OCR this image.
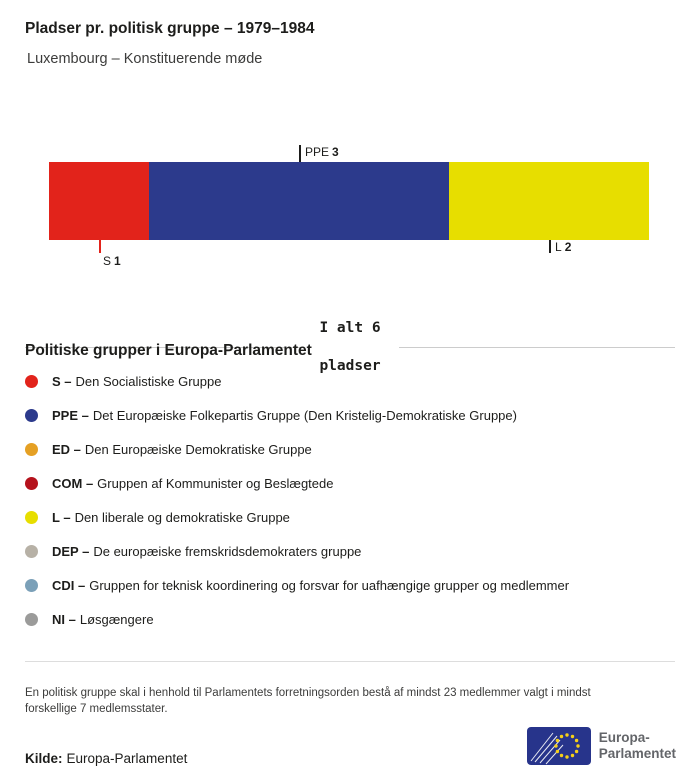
Pladser pr. politisk gruppe – 1979–1984
Luxembourg – Konstituerende møde
PPE 3
S 1
L 2

I alt 6

pladser

Politiske grupper i Europa-Parlamentet
S – Den Socialistiske Gruppe
PPE – Det Europæiske Folkepartis Gruppe (Den Kristelig-Demokratiske Gruppe)
ED – Den Europæiske Demokratiske Gruppe
COM – Gruppen af Kommunister og Beslægtede
L – Den liberale og demokratiske Gruppe
DEP – De europæiske fremskridsdemokraters gruppe
CDI – Gruppen for teknisk koordinering og forsvar for uafhængige grupper og medlemmer
NI – Løsgængere

En politisk gruppe skal i henhold til Parlamentets forretningsorden bestå af mindst 23 medlemmer valgt i mindst forskellige 7 medlemsstater.

Kilde: Europa-Parlamentet
Europa-
Parlamentet
